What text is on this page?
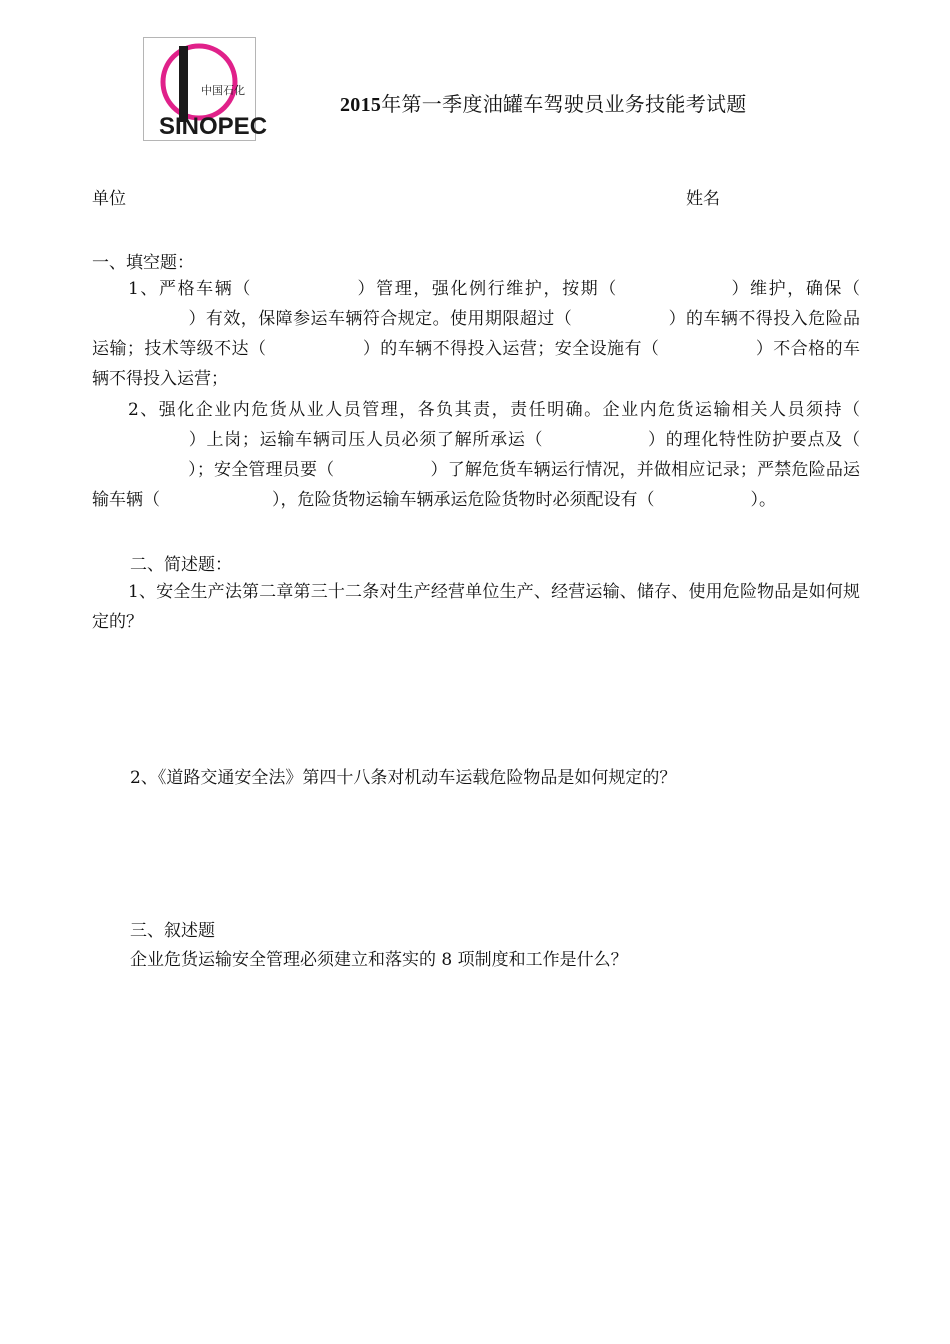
中国石化
SINOPEC
2015年第一季度油罐车驾驶员业务技能考试题
单位	姓名
一、填空题：
1、严格车辆（	）管理，强化例行维护，按期（	）维护，确保（）有效，保障参运车辆符合规定。使用期限超过（	）的车辆不得投入危险品运输；技术等级不达（	）的车辆不得投入运营；安全设施有（	）不合格的车辆不得投入运营；
2、强化企业内危货从业人员管理，各负其责，责任明确。企业内危货运输相关人员须持（）上岗；运输车辆司压人员必须了解所承运（	）的理化特性防护要点及（）；安全管理员要（	）了解危货车辆运行情况，并做相应记录；严禁危险品运输车辆（	），危险货物运输车辆承运危险货物时必须配设有（	）。
二、简述题：
1、安全生产法第二章第三十二条对生产经营单位生产、经营运输、储存、使用危险物品是如何规定的？
2、《道路交通安全法》第四十八条对机动车运载危险物品是如何规定的？
三、叙述题
企业危货运输安全管理必须建立和落实的 8 项制度和工作是什么？
